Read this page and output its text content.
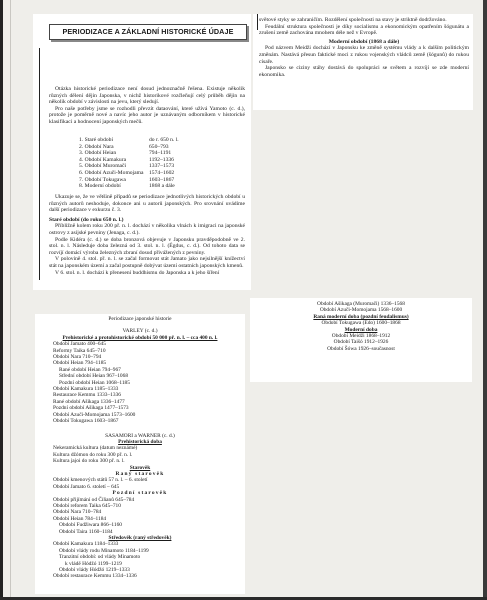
PERIODIZACE A ZÁKLADNÍ HISTORICKÉ ÚDAJE

Otázka historické periodizace není dosud jednoznačně řešena. Existuje několik různých dělení dějin Japonska, v nichž historikové rozčleňují celý průběh dějin na několik období v závislosti na jevu, který sledují.

Pro naše potřeby jsme se rozhodli převzít dataování, které užívá Yamoto (c. d.), protože je poměrně nové a navíc jeho autor je uznávaným odborníkem v historické klasifikaci a hodnocení japonských mečů.

1. Staré období	do r. 650 n. l.
2. Období Nara	650–793
3. Období Heian	794–1191
4. Období Kamakura	1192–1336
5. Období Muromači	1337–1573
6. Období Azuči-Momojama 1574–1602
7. Období Tokugawa	1603–1867
8. Moderní období	1868 a dále

Ukazuje se, že ve většině případů se periodizace jednotlivých historických období u různých autorů neshoduje, dokonce ani u autorů japonských. Pro srovnání uvádíme další periodizace v exkurzu č. 3.

Staré období (do roku 650 n. l.)

Příbližně kolem roku 200 př. n. l. dochází v několika vlnách k imigraci na japonské ostrovy z asijské pevniny (Jenaga, c. d.).

Podle Kidéra (c. d.) se doba bronzová objevuje v Japonsku pravděpodobně ve 2. stol. n. l. Následuje doba železná od 3. stol. n. l. (Égdus, c. d.). Od tohoto data se rozvíjí domácí výroba železných zbraní dosud přivážených z pevniny.

V polovině 4. stol. př. n. l. se začal formovat stát Jamato jako nejsilnější knížectví stát na japonském území a začal postupně dobývat území ostatních japonských kmenů.

V 6. stol. n. l. dochází k přenesení buddhismu do Japonska a k jeho šíření

světové styky se zahraničím. Rozdělení společnosti na stavy je striktně dodržováno.

Feudální struktura společnosti je díky socialismu a ekonomickým opatřením šógunátu a zrušení země zachována mnohem déle než v Evropě.

Moderní období (1868 a dále)

Pod názvem Meidži dochází v Japonsku ke změně systému vlády a k dalším politickým změnám. Nastává přesun faktické moci z rukou vojenských vládců země (šógunů) do rukou císaře.

Japonsko se ciziny stáhy dostává do spolupráci se světem a rozvíjí se zde moderní ekonomika.

Periodizace japonské historie
VARLEY (c. d.)
Prehistorické a protohistorické období 50 000 př. n. l. – cca 400 n. l.
Období Jamato 400–645
Reformy Taika 645–710
Období Nara 710–794
Období Heian 794–1185
Rané období Heian 794–967
Střední období Heian 967–1068
Pozdní období Heian 1068–1185
Období Kamakura 1185–1333
Restaurace Kemmu 1333–1336
Rané období Ašikaga 1336–1477
Pozdní období Ašikaga 1477–1573
Období Azuči-Momojama 1573–1600
Období Tokugawa 1603–1867
SASAMORI a WARNER (c. d.)
Prehistorická doba
Nekeramická kultura (datum neznámé)
Kultura džómon do roku 300 př. n. l.
Kultura jajoi do roku 300 př. n. l.
Starověk
Raný starověk
Období kmenových států 57 n. l. – 6. století
Období Jamato 6. století – 645
Pozdní starověk
Období přijímání od Číňanů 645–784
Období reforem Taika 645–710
Období Nara 710–784
Období Heian 784–1184
Období Fudžiwara 866–1160
Období Taira 1160–1184
Středověk (raný středověk)
Období Kamakura 1184–1333
Období vlády rodu Minamoto 1184–1199
Tranzitní období: od vlády Minamoto
k vládě Hódžó 1199–1219
Období vlády Hódžó 1219–1333
Období restaurace Kemmu 1334–1336
Období Ašikaga (Muromači) 1336–1568
Období Azuči-Momojama 1568–1600
Raná moderní doba (pozdní feudalismus)
Období Tokugawa (Edo) 1600–1868
Moderní doba
Období Meidži 1868–1912
Období Taišó 1912–1926
Období Šówa 1926–současnost
